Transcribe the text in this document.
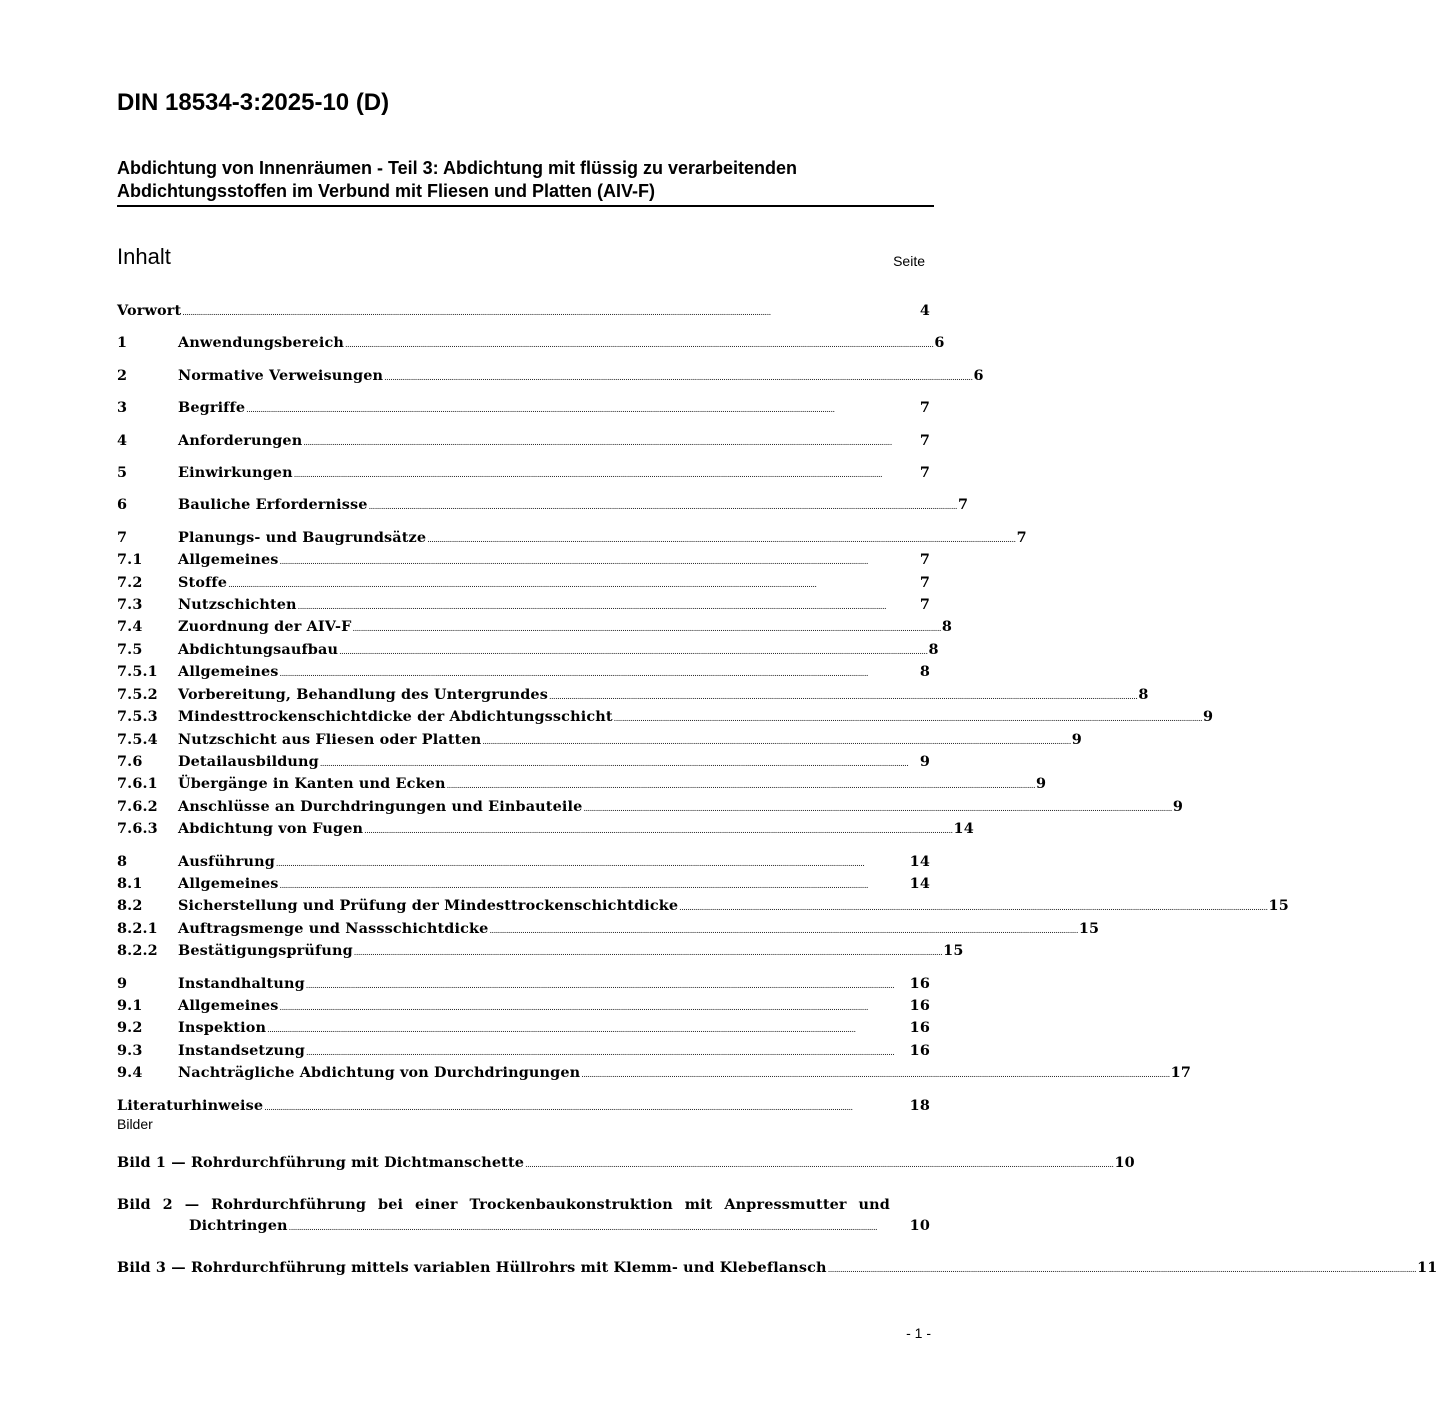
DIN 18534-3:2025-10 (D)
Abdichtung von Innenräumen - Teil 3: Abdichtung mit flüssig zu verarbeitenden
Abdichtungsstoffen im Verbund mit Fliesen und Platten (AIV-F)
Inhalt	Seite
Vorwort .....	4
1	Anwendungsbereich .....	6
2	Normative Verweisungen .....	6
3	Begriffe .....	7
4	Anforderungen .....	7
5	Einwirkungen .....	7
6	Bauliche Erfordernisse .....	7
7	Planungs- und Baugrundsätze .....	7
7.1	Allgemeines .....	7
7.2	Stoffe .....	7
7.3	Nutzschichten .....	7
7.4	Zuordnung der AIV-F .....	8
7.5	Abdichtungsaufbau .....	8
7.5.1	Allgemeines .....	8
7.5.2	Vorbereitung, Behandlung des Untergrundes .....	8
7.5.3	Mindesttrockenschichtdicke der Abdichtungsschicht .....	9
7.5.4	Nutzschicht aus Fliesen oder Platten .....	9
7.6	Detailausbildung .....	9
7.6.1	Übergänge in Kanten und Ecken .....	9
7.6.2	Anschlüsse an Durchdringungen und Einbauteile .....	9
7.6.3	Abdichtung von Fugen .....	14
8	Ausführung .....	14
8.1	Allgemeines .....	14
8.2	Sicherstellung und Prüfung der Mindesttrockenschichtdicke .....	15
8.2.1	Auftragsmenge und Nassschichtdicke .....	15
8.2.2	Bestätigungsprüfung .....	15
9	Instandhaltung .....	16
9.1	Allgemeines .....	16
9.2	Inspektion .....	16
9.3	Instandsetzung .....	16
9.4	Nachträgliche Abdichtung von Durchdringungen .....	17
Literaturhinweise .....	18
Bilder
Bild 1 — Rohrdurchführung mit Dichtmanschette .....	10
Bild 2 — Rohrdurchführung bei einer Trockenbaukonstruktion mit Anpressmutter und
Dichtringen .....	10
Bild 3 — Rohrdurchführung mittels variablen Hüllrohrs mit Klemm- und Klebeflansch .....	11
- 1 -
